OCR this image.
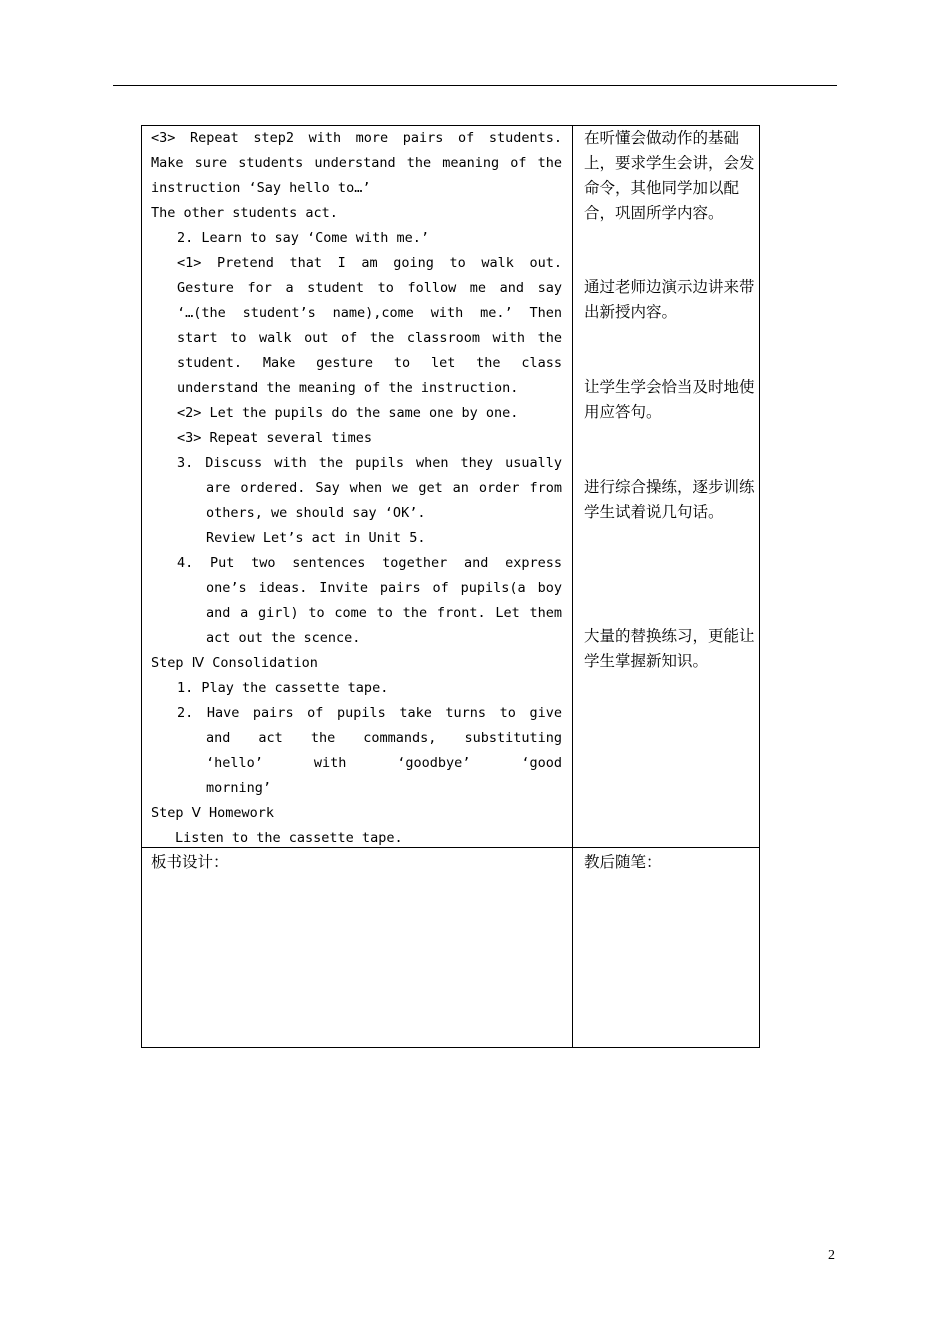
<3> Repeat step2 with more pairs of students.
Make sure students understand the meaning of the
instruction ‘Say hello to…’
The other students act.
2. Learn to say ‘Come with me.’
<1> Pretend that I am going to walk out.
Gesture for a student to follow me and say
‘…(the student’s name),come with me.’ Then
start to walk out of the classroom with the
student. Make gesture to let the class
understand the meaning of the instruction.
<2> Let the pupils do the same one by one.
<3> Repeat several times
3. Discuss with the pupils when they usually
are ordered. Say when we get an order from
others, we should say ‘OK’.
Review Let’s act in Unit 5.
4. Put two sentences together and express
one’s ideas. Invite pairs of pupils(a boy
and a girl) to come to the front. Let them
act out the scence.
Step Ⅳ Consolidation
1. Play the cassette tape.
2. Have pairs of pupils take turns to give
and act the commands, substituting
‘hello’ with ‘goodbye’ ‘good
morning’
Step Ⅴ Homework
Listen to the cassette tape.
在听懂会做动作的基础上，要求学生会讲，会发命令，其他同学加以配合，巩固所学内容。
通过老师边演示边讲来带出新授内容。
让学生学会恰当及时地使用应答句。
进行综合操练，逐步训练学生试着说几句话。
大量的替换练习，更能让学生掌握新知识。
板书设计：	教后随笔：
2
